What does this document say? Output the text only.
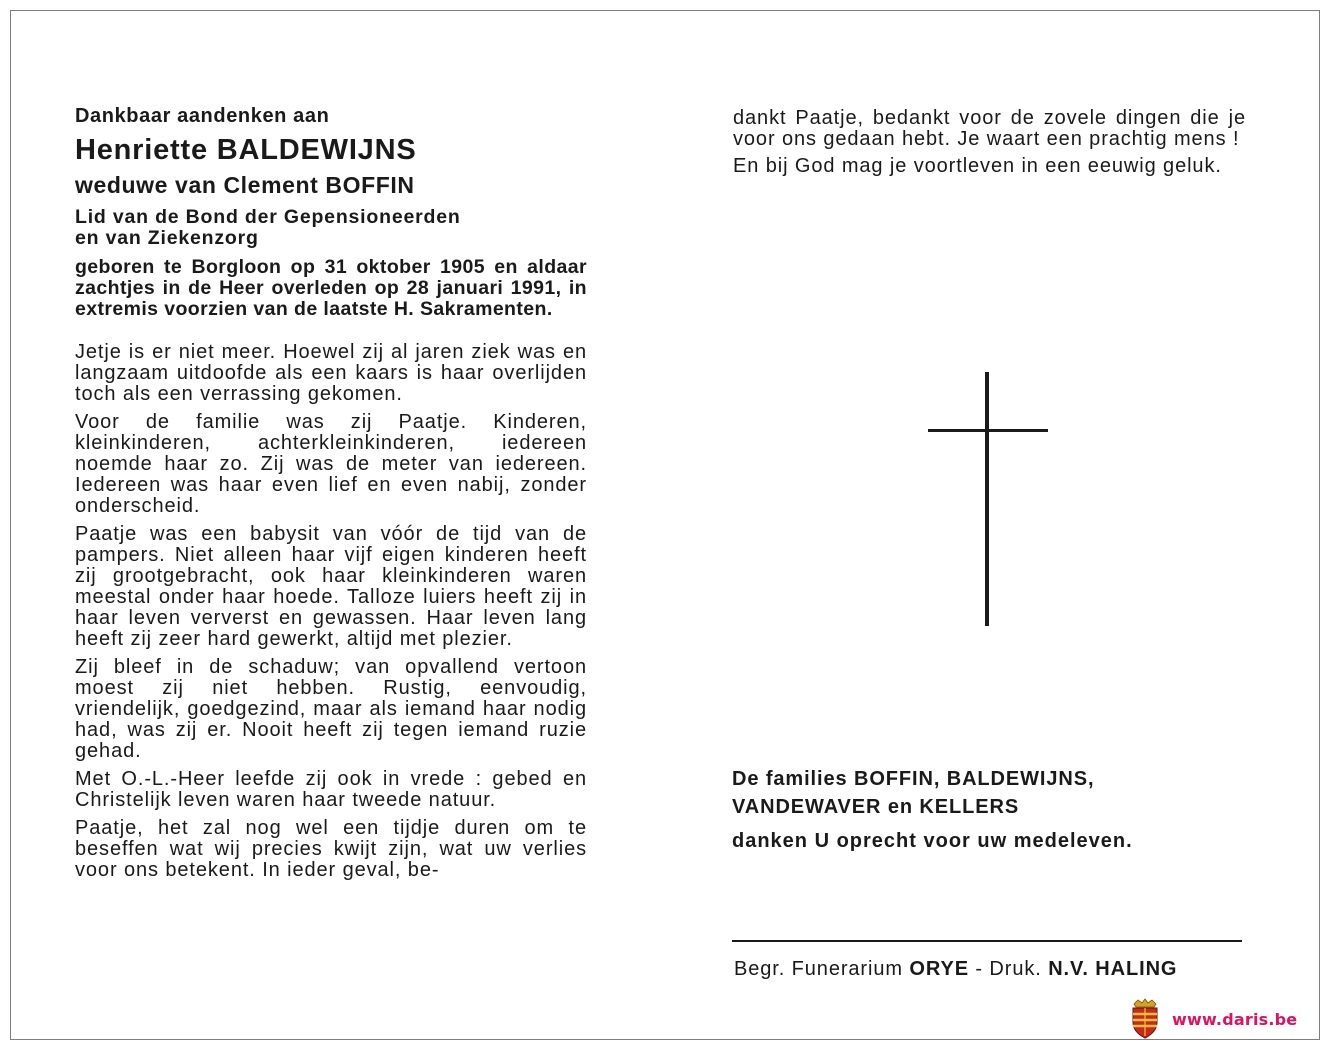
Dankbaar aandenken aan
Henriette BALDEWIJNS
weduwe van Clement BOFFIN
Lid van de Bond der Gepensioneerden
en van Ziekenzorg
geboren te Borgloon op 31 oktober 1905 en aldaar zachtjes in de Heer overleden op 28 januari 1991, in extremis voorzien van de laatste H. Sakramenten.
Jetje is er niet meer. Hoewel zij al jaren ziek was en langzaam uitdoofde als een kaars is haar overlijden toch als een verrassing gekomen.
Voor de familie was zij Paatje. Kinderen, kleinkinderen, achterkleinkinderen, iedereen noemde haar zo. Zij was de meter van iedereen. Iedereen was haar even lief en even nabij, zonder onderscheid.
Paatje was een babysit van vóór de tijd van de pampers. Niet alleen haar vijf eigen kinderen heeft zij grootgebracht, ook haar kleinkinderen waren meestal onder haar hoede. Talloze luiers heeft zij in haar leven ververst en gewassen. Haar leven lang heeft zij zeer hard gewerkt, altijd met plezier.
Zij bleef in de schaduw; van opvallend vertoon moest zij niet hebben. Rustig, eenvoudig, vriendelijk, goedgezind, maar als iemand haar nodig had, was zij er. Nooit heeft zij tegen iemand ruzie gehad.
Met O.-L.-Heer leefde zij ook in vrede : gebed en Christelijk leven waren haar tweede natuur.
Paatje, het zal nog wel een tijdje duren om te beseffen wat wij precies kwijt zijn, wat uw verlies voor ons betekent. In ieder geval, be-
dankt Paatje, bedankt voor de zovele dingen die je voor ons gedaan hebt. Je waart een prachtig mens !
En bij God mag je voortleven in een eeuwig geluk.
De families BOFFIN, BALDEWIJNS,
VANDEWAVER en KELLERS
danken U oprecht voor uw medeleven.
Begr. Funerarium ORYE - Druk. N.V. HALING
www.daris.be
